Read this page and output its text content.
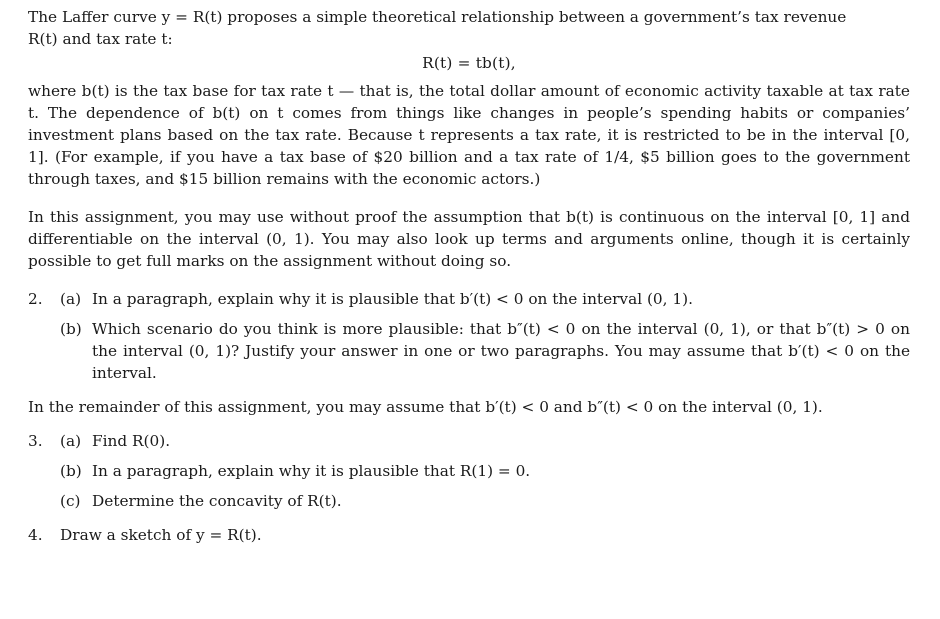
The Laffer curve y = R(t) proposes a simple theoretical relationship between a government’s tax revenue

R(t) and tax rate t:

R(t) = tb(t),

where b(t) is the tax base for tax rate t — that is, the total dollar amount of economic activity taxable at tax rate t. The dependence of b(t) on t comes from things like changes in people’s spending habits or companies’ investment plans based on the tax rate. Because t represents a tax rate, it is restricted to be in the interval [0, 1]. (For example, if you have a tax base of $20 billion and a tax rate of 1/4, $5 billion goes to the government through taxes, and $15 billion remains with the economic actors.)

In this assignment, you may use without proof the assumption that b(t) is continuous on the interval [0, 1] and differentiable on the interval (0, 1). You may also look up terms and arguments online, though it is certainly possible to get full marks on the assignment without doing so.

2. (a) In a paragraph, explain why it is plausible that b′(t) < 0 on the interval (0, 1).
(b) Which scenario do you think is more plausible: that b″(t) < 0 on the interval (0, 1), or that b″(t) > 0 on the interval (0, 1)? Justify your answer in one or two paragraphs. You may assume that b′(t) < 0 on the interval.

In the remainder of this assignment, you may assume that b′(t) < 0 and b″(t) < 0 on the interval (0, 1).

3. (a) Find R(0).
(b) In a paragraph, explain why it is plausible that R(1) = 0.
(c) Determine the concavity of R(t).
4. Draw a sketch of y = R(t).
